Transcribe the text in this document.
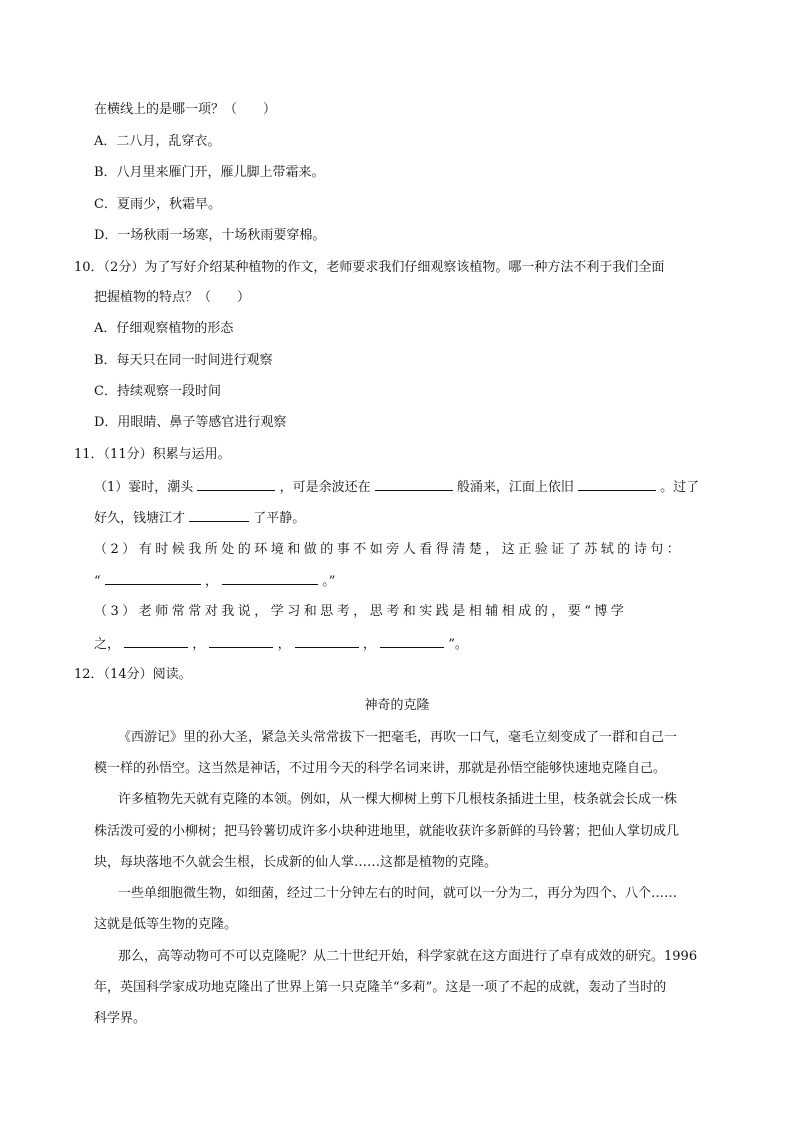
在横线上的是哪一项？（　　）
A．二八月，乱穿衣。
B．八月里来雁门开，雁儿脚上带霜来。
C．夏雨少，秋霜早。
D．一场秋雨一场寒，十场秋雨要穿棉。
10．（2分）为了写好介绍某种植物的作文，老师要求我们仔细观察该植物。哪一种方法不利于我们全面
把握植物的特点？（　　）
A．仔细观察植物的形态
B．每天只在同一时间进行观察
C．持续观察一段时间
D．用眼睛、鼻子等感官进行观察
11．（11分）积累与运用。
（1）霎时，潮头	，可是余波还在	般涌来，江面上依旧	。过了
好久，钱塘江才	了平静。
（2）有时候我所处的环境和做的事不如旁人看得清楚，这正验证了苏轼的诗句：
“	，	。”
（3）老师常常对我说，学习和思考，思考和实践是相辅相成的，要“博学
之，	，	，	，	”。
12．（14分）阅读。
神奇的克隆
《西游记》里的孙大圣，紧急关头常常拔下一把毫毛，再吹一口气，毫毛立刻变成了一群和自己一
模一样的孙悟空。这当然是神话，不过用今天的科学名词来讲，那就是孙悟空能够快速地克隆自己。
许多植物先天就有克隆的本领。例如，从一棵大柳树上剪下几根枝条插进土里，枝条就会长成一株
株活泼可爱的小柳树；把马铃薯切成许多小块种进地里，就能收获许多新鲜的马铃薯；把仙人掌切成几
块，每块落地不久就会生根，长成新的仙人掌……这都是植物的克隆。
一些单细胞微生物，如细菌，经过二十分钟左右的时间，就可以一分为二，再分为四个、八个……
这就是低等生物的克隆。
那么，高等动物可不可以克隆呢？从二十世纪开始，科学家就在这方面进行了卓有成效的研究。1996
年，英国科学家成功地克隆出了世界上第一只克隆羊“多莉”。这是一项了不起的成就，轰动了当时的
科学界。
